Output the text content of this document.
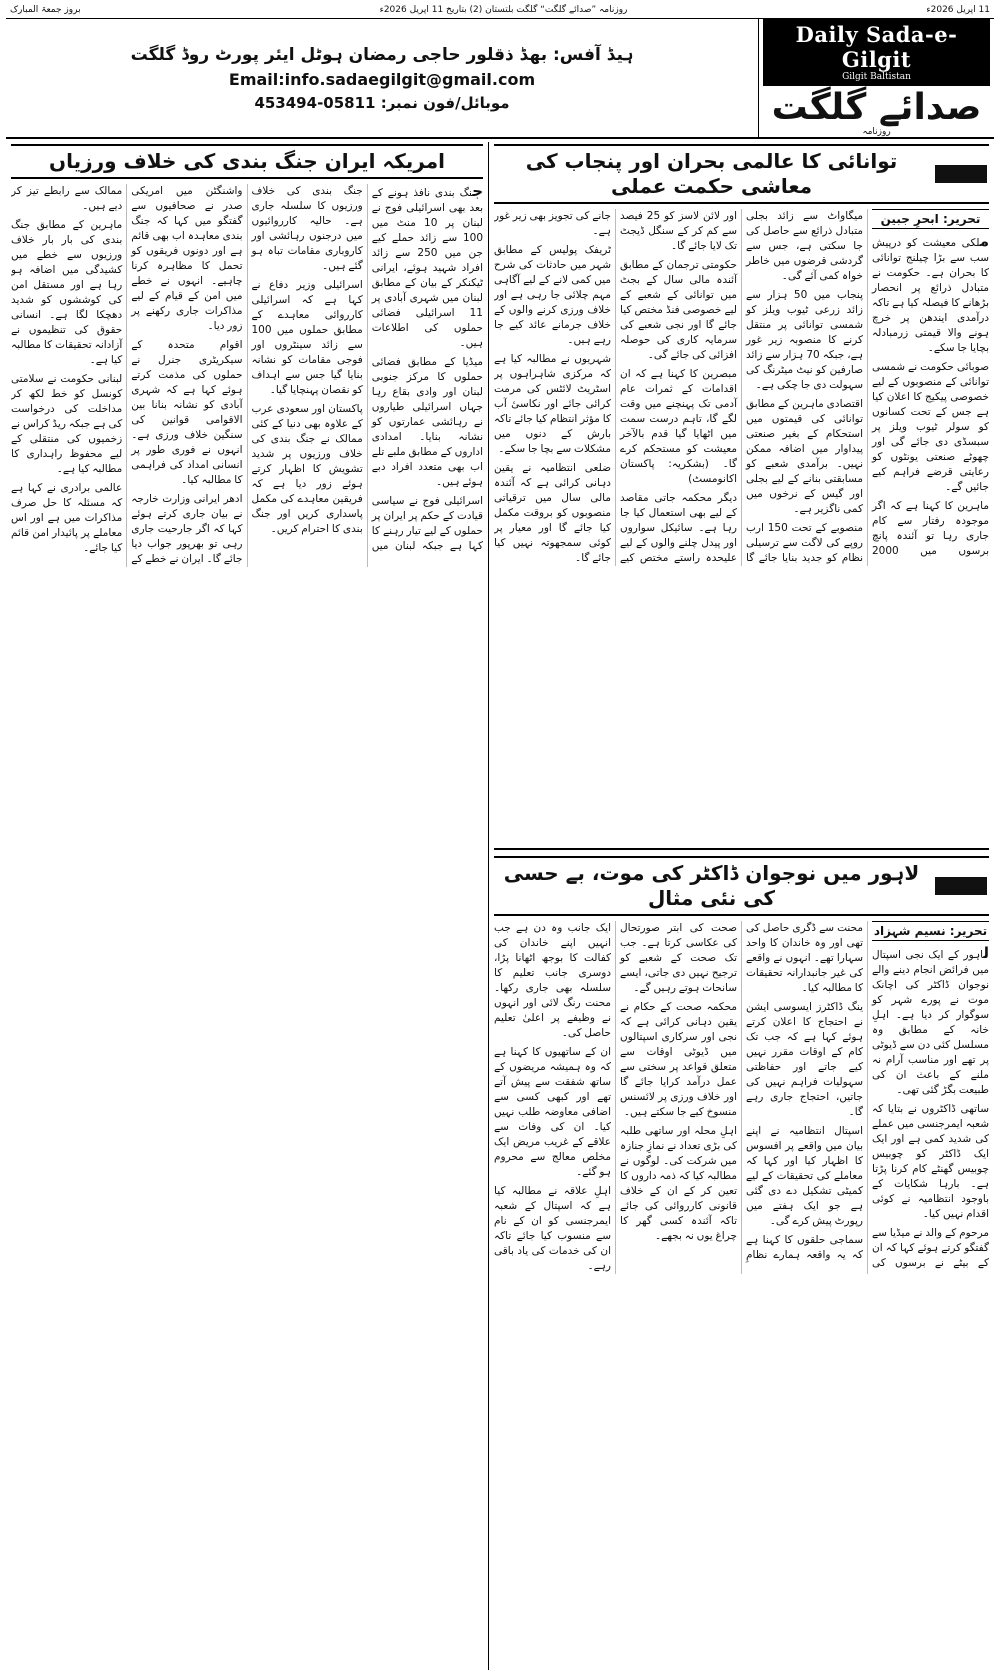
11 اپریل 2026ء
روزنامہ ”صدائے گلگت“ گلگت بلتستان (2) بتاریخ 11 اپریل 2026ء
بروز جمعۃ المبارک
Daily Sada-e-Gilgit
Gilgit Baltistan
صدائے گلگت
روزنامہ
ہیڈ آفس: بھڈ ذقلور حاجی رمضان ہوٹل ایئر پورٹ روڈ گلگت
Email:info.sadaegilgit@gmail.com
موبائل/فون نمبر: 05811-453494
توانائی کا عالمی بحران اور پنجاب کی معاشی حکمت عملی
تحریر: ابحرِ جبین

ملکی معیشت کو درپیش سب سے بڑا چیلنج توانائی کا بحران ہے۔ حکومت نے متبادل ذرائع پر انحصار بڑھانے کا فیصلہ کیا ہے تاکہ درآمدی ایندھن پر خرچ ہونے والا قیمتی زرمبادلہ بچایا جا سکے۔

صوبائی حکومت نے شمسی توانائی کے منصوبوں کے لیے خصوصی پیکیج کا اعلان کیا ہے جس کے تحت کسانوں کو سولر ٹیوب ویلز پر سبسڈی دی جائے گی اور چھوٹے صنعتی یونٹوں کو رعایتی قرضے فراہم کیے جائیں گے۔

ماہرین کا کہنا ہے کہ اگر موجودہ رفتار سے کام جاری رہا تو آئندہ پانچ برسوں میں 2000 میگاواٹ سے زائد بجلی متبادل ذرائع سے حاصل کی جا سکتی ہے، جس سے گردشی قرضوں میں خاطر خواہ کمی آئے گی۔

پنجاب میں 50 ہزار سے زائد زرعی ٹیوب ویلز کو شمسی توانائی پر منتقل کرنے کا منصوبہ زیر غور ہے، جبکہ 70 ہزار سے زائد صارفین کو نیٹ میٹرنگ کی سہولت دی جا چکی ہے۔

اقتصادی ماہرین کے مطابق توانائی کی قیمتوں میں استحکام کے بغیر صنعتی پیداوار میں اضافہ ممکن نہیں۔ برآمدی شعبے کو مسابقتی بنانے کے لیے بجلی اور گیس کے نرخوں میں کمی ناگزیر ہے۔

منصوبے کے تحت 150 ارب روپے کی لاگت سے ترسیلی نظام کو جدید بنایا جائے گا اور لائن لاسز کو 25 فیصد سے کم کر کے سنگل ڈیجٹ تک لایا جائے گا۔

حکومتی ترجمان کے مطابق آئندہ مالی سال کے بجٹ میں توانائی کے شعبے کے لیے خصوصی فنڈ مختص کیا جائے گا اور نجی شعبے کی سرمایہ کاری کی حوصلہ افزائی کی جائے گی۔

مبصرین کا کہنا ہے کہ ان اقدامات کے ثمرات عام آدمی تک پہنچنے میں وقت لگے گا، تاہم درست سمت میں اٹھایا گیا قدم بالآخر معیشت کو مستحکم کرے گا۔ (بشکریہ: پاکستان اکانومسٹ)

دیگر محکمہ جاتی مقاصد کے لیے بھی استعمال کیا جا رہا ہے۔ سائیکل سواروں اور پیدل چلنے والوں کے لیے علیحدہ راستے مختص کیے جانے کی تجویز بھی زیر غور ہے۔

ٹریفک پولیس کے مطابق شہر میں حادثات کی شرح میں کمی لانے کے لیے آگاہی مہم چلائی جا رہی ہے اور خلاف ورزی کرنے والوں کے خلاف جرمانے عائد کیے جا رہے ہیں۔

شہریوں نے مطالبہ کیا ہے کہ مرکزی شاہراہوں پر اسٹریٹ لائٹس کی مرمت کرائی جائے اور نکاسیٔ آب کا مؤثر انتظام کیا جائے تاکہ بارش کے دنوں میں مشکلات سے بچا جا سکے۔

ضلعی انتظامیہ نے یقین دہانی کرائی ہے کہ آئندہ مالی سال میں ترقیاتی منصوبوں کو بروقت مکمل کیا جائے گا اور معیار پر کوئی سمجھوتہ نہیں کیا جائے گا۔

لاہور میں نوجوان ڈاکٹر کی موت، بے حسی کی نئی مثال
تحریر: نسیم شہزاد

لاہور کے ایک نجی اسپتال میں فرائض انجام دینے والے نوجوان ڈاکٹر کی اچانک موت نے پورے شہر کو سوگوار کر دیا ہے۔ اہلِ خانہ کے مطابق وہ مسلسل کئی دن سے ڈیوٹی پر تھے اور مناسب آرام نہ ملنے کے باعث ان کی طبیعت بگڑ گئی تھی۔

ساتھی ڈاکٹروں نے بتایا کہ شعبہ ایمرجنسی میں عملے کی شدید کمی ہے اور ایک ایک ڈاکٹر کو چوبیس چوبیس گھنٹے کام کرنا پڑتا ہے۔ بارہا شکایات کے باوجود انتظامیہ نے کوئی اقدام نہیں کیا۔

مرحوم کے والد نے میڈیا سے گفتگو کرتے ہوئے کہا کہ ان کے بیٹے نے برسوں کی محنت سے ڈگری حاصل کی تھی اور وہ خاندان کا واحد سہارا تھے۔ انہوں نے واقعے کی غیر جانبدارانہ تحقیقات کا مطالبہ کیا۔

ینگ ڈاکٹرز ایسوسی ایشن نے احتجاج کا اعلان کرتے ہوئے کہا ہے کہ جب تک کام کے اوقات مقرر نہیں کیے جاتے اور حفاظتی سہولیات فراہم نہیں کی جاتیں، احتجاج جاری رہے گا۔

اسپتال انتظامیہ نے اپنے بیان میں واقعے پر افسوس کا اظہار کیا اور کہا کہ معاملے کی تحقیقات کے لیے کمیٹی تشکیل دے دی گئی ہے جو ایک ہفتے میں رپورٹ پیش کرے گی۔

سماجی حلقوں کا کہنا ہے کہ یہ واقعہ ہمارے نظامِ صحت کی ابتر صورتحال کی عکاسی کرتا ہے۔ جب تک صحت کے شعبے کو ترجیح نہیں دی جاتی، ایسے سانحات ہوتے رہیں گے۔

محکمہ صحت کے حکام نے یقین دہانی کرائی ہے کہ نجی اور سرکاری اسپتالوں میں ڈیوٹی اوقات سے متعلق قواعد پر سختی سے عمل درآمد کرایا جائے گا اور خلاف ورزی پر لائسنس منسوخ کیے جا سکتے ہیں۔

اہلِ محلہ اور ساتھی طلبہ کی بڑی تعداد نے نمازِ جنازہ میں شرکت کی۔ لوگوں نے مطالبہ کیا کہ ذمہ داروں کا تعین کر کے ان کے خلاف قانونی کارروائی کی جائے تاکہ آئندہ کسی گھر کا چراغ یوں نہ بجھے۔

ایک جانب وہ دن ہے جب انہیں اپنے خاندان کی کفالت کا بوجھ اٹھانا پڑا، دوسری جانب تعلیم کا سلسلہ بھی جاری رکھا۔ محنت رنگ لائی اور انہوں نے وظیفے پر اعلیٰ تعلیم حاصل کی۔

ان کے ساتھیوں کا کہنا ہے کہ وہ ہمیشہ مریضوں کے ساتھ شفقت سے پیش آتے تھے اور کبھی کسی سے اضافی معاوضہ طلب نہیں کیا۔ ان کی وفات سے علاقے کے غریب مریض ایک مخلص معالج سے محروم ہو گئے۔

اہلِ علاقہ نے مطالبہ کیا ہے کہ اسپتال کے شعبہ ایمرجنسی کو ان کے نام سے منسوب کیا جائے تاکہ ان کی خدمات کی یاد باقی رہے۔

امریکہ ایران جنگ بندی کی خلاف ورزیاں

جنگ بندی نافذ ہونے کے بعد بھی اسرائیلی فوج نے لبنان پر 10 منٹ میں 100 سے زائد حملے کیے جن میں 250 سے زائد افراد شہید ہوئے، ایرانی ٹیکنکر کے بیان کے مطابق لبنان میں شہری آبادی پر 11 اسرائیلی فضائی حملوں کی اطلاعات ہیں۔

میڈیا کے مطابق فضائی حملوں کا مرکز جنوبی لبنان اور وادی بقاع رہا جہاں اسرائیلی طیاروں نے رہائشی عمارتوں کو نشانہ بنایا۔ امدادی اداروں کے مطابق ملبے تلے اب بھی متعدد افراد دبے ہوئے ہیں۔

اسرائیلی فوج نے سیاسی قیادت کے حکم پر ایران پر حملوں کے لیے تیار رہنے کا کہا ہے جبکہ لبنان میں جنگ بندی کی خلاف ورزیوں کا سلسلہ جاری ہے۔ حالیہ کارروائیوں میں درجنوں رہائشی اور کاروباری مقامات تباہ ہو گئے ہیں۔

اسرائیلی وزیر دفاع نے کہا ہے کہ اسرائیلی کارروائی معاہدے کے مطابق حملوں میں 100 سے زائد سینٹروں اور فوجی مقامات کو نشانہ بنایا گیا جس سے اہداف کو نقصان پہنچایا گیا۔

پاکستان اور سعودی عرب کے علاوہ بھی دنیا کے کئی ممالک نے جنگ بندی کی خلاف ورزیوں پر شدید تشویش کا اظہار کرتے ہوئے زور دیا ہے کہ فریقین معاہدے کی مکمل پاسداری کریں اور جنگ بندی کا احترام کریں۔

واشنگٹن میں امریکی صدر نے صحافیوں سے گفتگو میں کہا کہ جنگ بندی معاہدہ اب بھی قائم ہے اور دونوں فریقوں کو تحمل کا مظاہرہ کرنا چاہیے۔ انہوں نے خطے میں امن کے قیام کے لیے مذاکرات جاری رکھنے پر زور دیا۔

اقوام متحدہ کے سیکریٹری جنرل نے حملوں کی مذمت کرتے ہوئے کہا ہے کہ شہری آبادی کو نشانہ بنانا بین الاقوامی قوانین کی سنگین خلاف ورزی ہے۔ انہوں نے فوری طور پر انسانی امداد کی فراہمی کا مطالبہ کیا۔

ادھر ایرانی وزارت خارجہ نے بیان جاری کرتے ہوئے کہا کہ اگر جارحیت جاری رہی تو بھرپور جواب دیا جائے گا۔ ایران نے خطے کے ممالک سے رابطے تیز کر دیے ہیں۔

ماہرین کے مطابق جنگ بندی کی بار بار خلاف ورزیوں سے خطے میں کشیدگی میں اضافہ ہو رہا ہے اور مستقل امن کی کوششوں کو شدید دھچکا لگا ہے۔ انسانی حقوق کی تنظیموں نے آزادانہ تحقیقات کا مطالبہ کیا ہے۔

لبنانی حکومت نے سلامتی کونسل کو خط لکھ کر مداخلت کی درخواست کی ہے جبکہ ریڈ کراس نے زخمیوں کی منتقلی کے لیے محفوظ راہداری کا مطالبہ کیا ہے۔

عالمی برادری نے کہا ہے کہ مسئلہ کا حل صرف مذاکرات میں ہے اور اس معاملے پر پائیدار امن قائم کیا جائے۔
